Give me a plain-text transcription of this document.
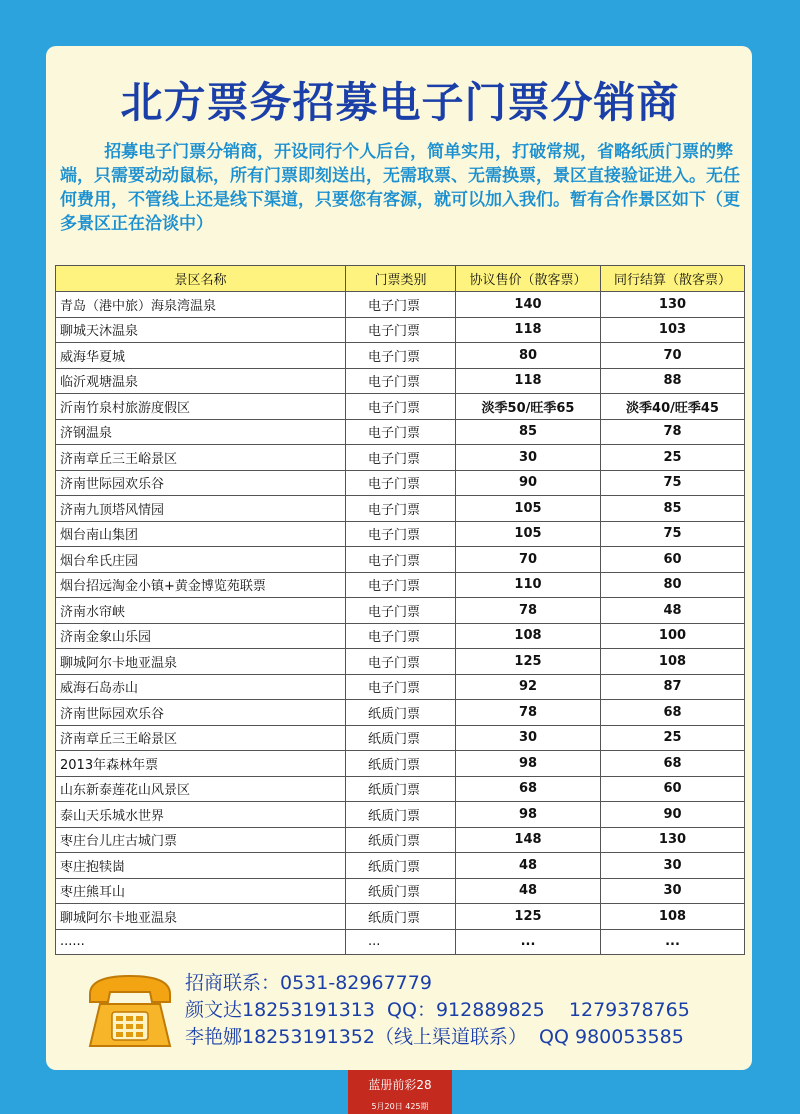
北方票务招募电子门票分销商

招募电子门票分销商，开设同行个人后台，简单实用，打破常规，省略纸质门票的弊端，只需要动动鼠标，所有门票即刻送出，无需取票、无需换票，景区直接验证进入。无任何费用，不管线上还是线下渠道，只要您有客源，就可以加入我们。暂有合作景区如下（更多景区正在洽谈中）

景区名称	门票类别	协议售价（散客票）	同行结算（散客票）
青岛（港中旅）海泉湾温泉	电子门票	140	130
聊城天沐温泉	电子门票	118	103
威海华夏城	电子门票	80	70
临沂观塘温泉	电子门票	118	88
沂南竹泉村旅游度假区	电子门票	淡季50/旺季65	淡季40/旺季45
济钢温泉	电子门票	85	78
济南章丘三王峪景区	电子门票	30	25
济南世际园欢乐谷	电子门票	90	75
济南九顶塔风情园	电子门票	105	85
烟台南山集团	电子门票	105	75
烟台牟氏庄园	电子门票	70	60
烟台招远淘金小镇+黄金博览苑联票	电子门票	110	80
济南水帘峡	电子门票	78	48
济南金象山乐园	电子门票	108	100
聊城阿尔卡地亚温泉	电子门票	125	108
威海石岛赤山	电子门票	92	87
济南世际园欢乐谷	纸质门票	78	68
济南章丘三王峪景区	纸质门票	30	25
2013年森林年票	纸质门票	98	68
山东新泰莲花山风景区	纸质门票	68	60
泰山天乐城水世界	纸质门票	98	90
枣庄台儿庄古城门票	纸质门票	148	130
枣庄抱犊崮	纸质门票	48	30
枣庄熊耳山	纸质门票	48	30
聊城阿尔卡地亚温泉	纸质门票	125	108
......	...	...	...
招商联系：0531-82967779
颜文达18253191313  QQ：912889825    1279378765
李艳娜18253191352（线上渠道联系）  QQ 980053585
蓝册前彩28
5月20日 425期
